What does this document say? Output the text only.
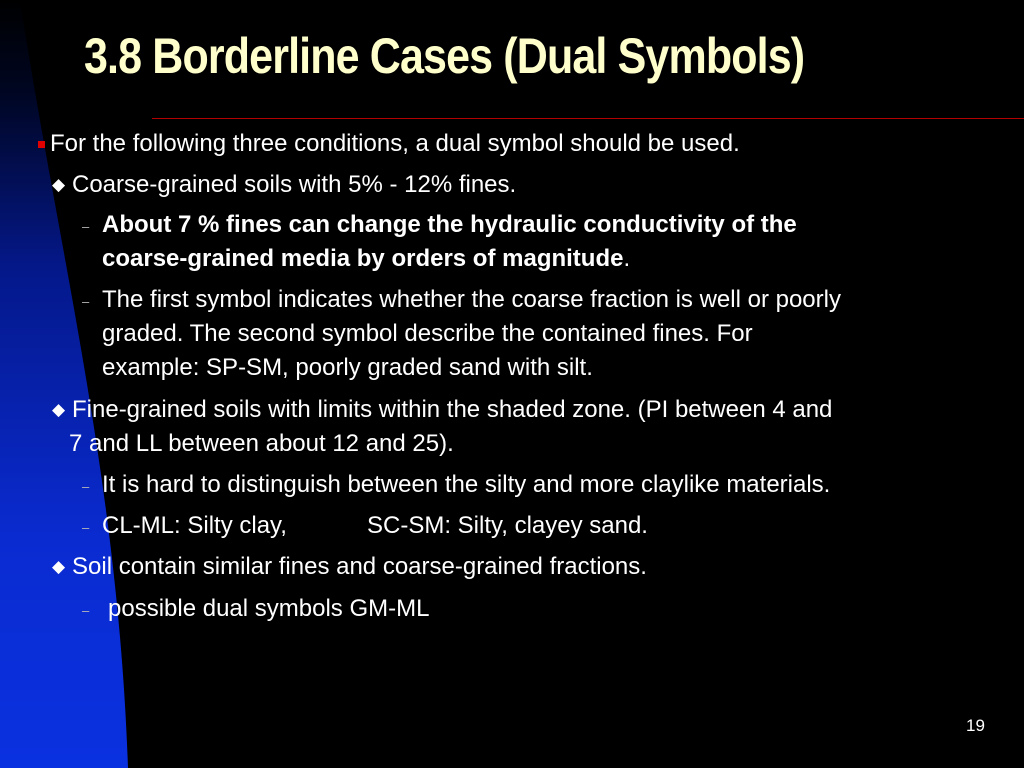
3.8 Borderline Cases (Dual Symbols)
For the following three conditions, a dual symbol should be used.
◆ Coarse-grained soils with 5% - 12% fines.
– About 7 % fines can change the hydraulic conductivity of the
coarse-grained media by orders of magnitude.
– The first symbol indicates whether the coarse fraction is well or poorly
graded. The second symbol describe the contained fines. For
example: SP-SM, poorly graded sand with silt.
◆ Fine-grained soils with limits within the shaded zone. (PI between 4 and
7 and LL between about 12 and 25).
– It is hard to distinguish between the silty and more claylike materials.
– CL-ML: Silty clay,	SC-SM: Silty, clayey sand.
◆ Soil contain similar fines and coarse-grained fractions.
– possible dual symbols GM-ML
19
